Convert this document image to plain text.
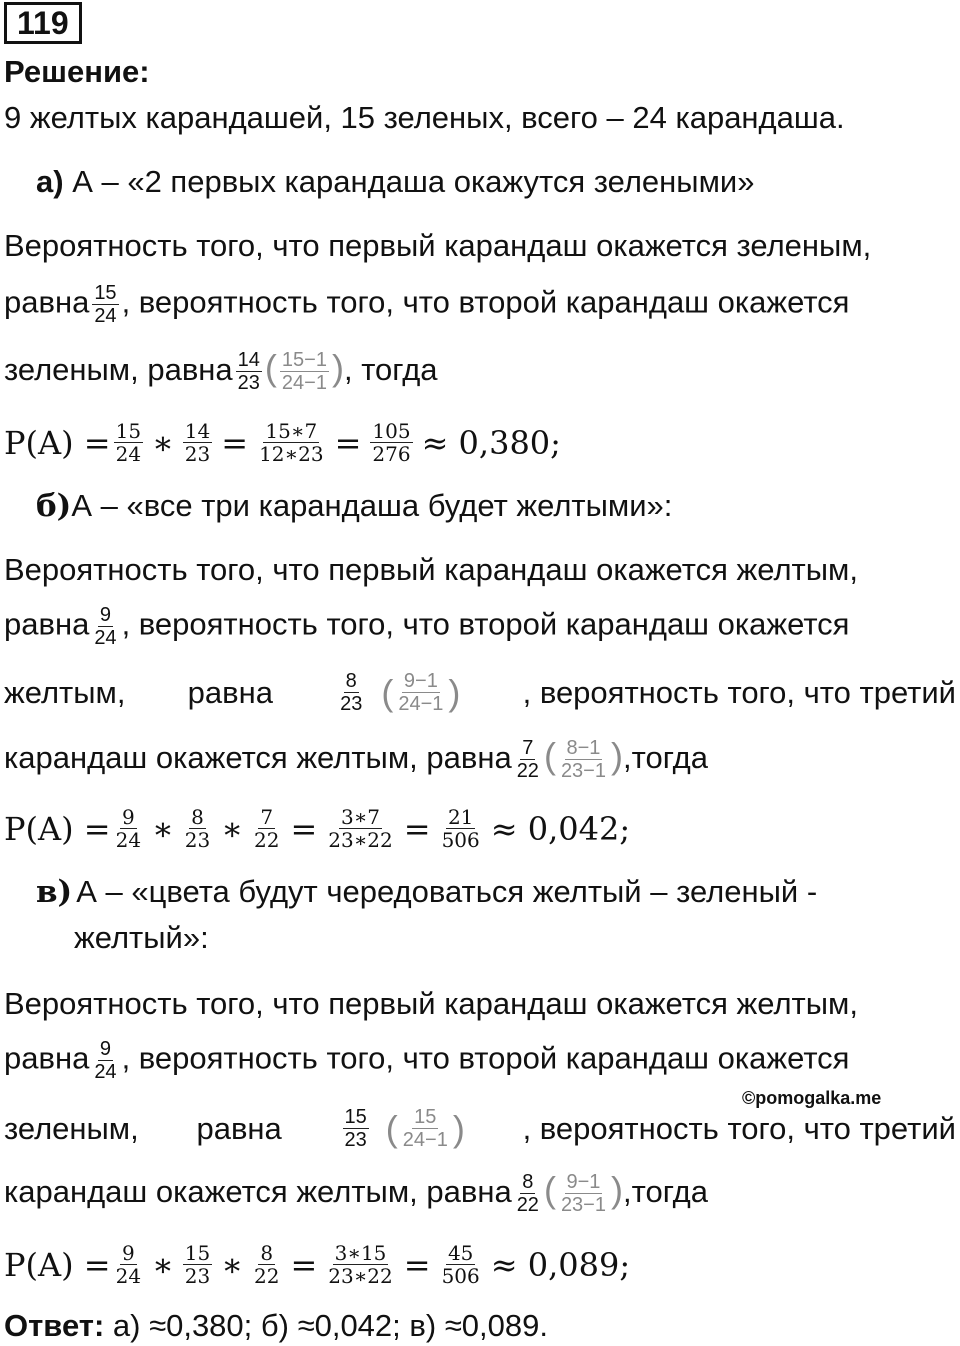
119
Решение:
9 желтых карандашей, 15 зеленых, всего – 24 карандаша.
а) А – «2 первых карандаша окажутся зелеными»
Вероятность того, что первый карандаш окажется зеленым,
равна $\frac{15}{24}$ , вероятность того, что второй карандаш окажется
зеленым, равна $\frac{14}{23}$ ( $\frac{15-1}{24-1}$ ), тогда
$P(A) = \frac{15}{24}$ ∗ $\frac{14}{23} = \frac{15∗7}{12∗23} = \frac{105}{276} \approx 0,380$;
б)А – «все три карандаша будет желтыми»:
Вероятность того, что первый карандаш окажется желтым,
равна $\frac{9}{24}$ , вероятность того, что второй карандаш окажется
желтым, равна	$\frac{8}{23}$ ( $\frac{9-1}{24-1}$ ) , вероятность того, что третий
карандаш окажется желтым, равна $\frac{7}{22}$ ( $\frac{8-1}{23-1}$ ),тогда
$P(A) = \frac{9}{24}$ ∗ $\frac{8}{23}$ ∗ $\frac{7}{22} = \frac{3∗7}{23∗22} = \frac{21}{506} \approx 0,042$;
в) А – «цвета будут чередоваться желтый – зеленый -
желтый»:
Вероятность того, что первый карандаш окажется желтым,
равна $\frac{9}{24}$ , вероятность того, что второй карандаш окажется
©pomogalka.me
зеленым, равна	$\frac{15}{23}$ ( $\frac{15}{24-1}$ ) , вероятность того, что третий
карандаш окажется желтым, равна $\frac{8}{22}$ ( $\frac{9-1}{23-1}$ ),тогда
$P(A) = \frac{9}{24}$ ∗ $\frac{15}{23}$ ∗ $\frac{8}{22} = \frac{3∗15}{23∗22} = \frac{45}{506} \approx 0,089$;
Ответ: а) ≈0,380; б) ≈0,042; в) ≈0,089.
